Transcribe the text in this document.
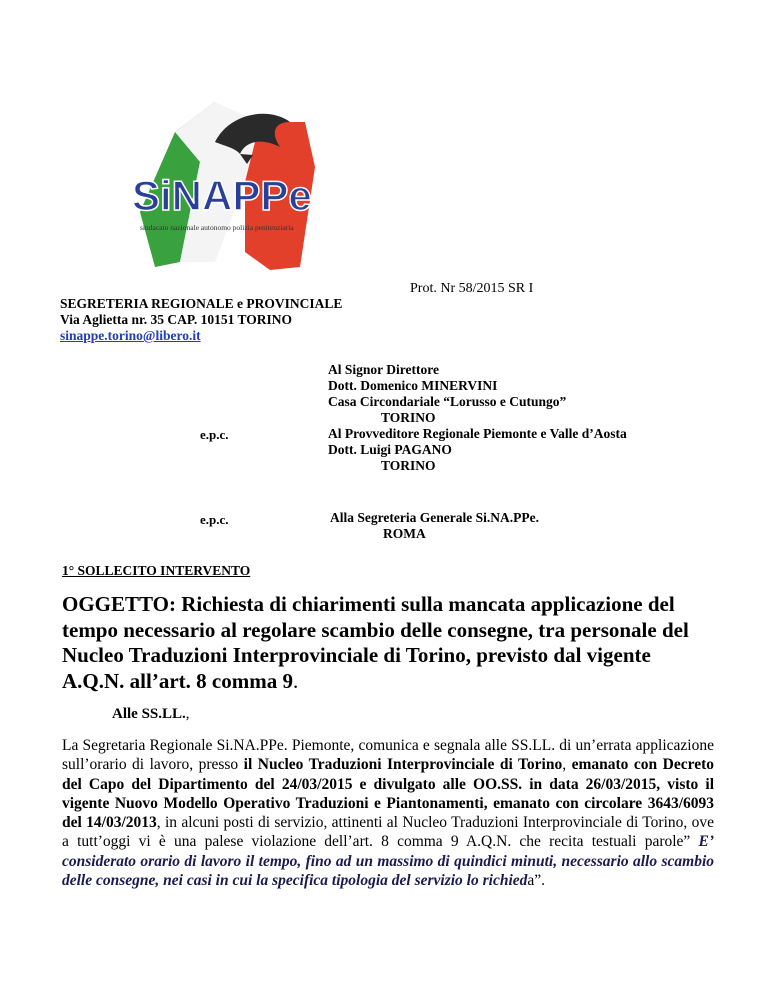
SiNAPPe
sindacato nazionale autonomo polizia penitenziaria
Prot. Nr 58/2015 SR I
SEGRETERIA REGIONALE e PROVINCIALE
Via Aglietta nr. 35 CAP. 10151 TORINO
sinappe.torino@libero.it
Al Signor Direttore
Dott. Domenico MINERVINI
Casa Circondariale “Lorusso e Cutungo”
TORINO
e.p.c.	Al Provveditore Regionale Piemonte e Valle d’Aosta
Dott. Luigi PAGANO
TORINO
e.p.c.	Alla Segreteria Generale Si.NA.PPe.
ROMA
1° SOLLECITO INTERVENTO
OGGETTO: Richiesta di chiarimenti sulla mancata applicazione del tempo necessario al regolare scambio delle consegne, tra personale del Nucleo Traduzioni Interprovinciale di Torino, previsto dal vigente A.Q.N. all’art. 8 comma 9.
Alle SS.LL.,
La Segretaria Regionale Si.NA.PPe. Piemonte, comunica e segnala alle SS.LL. di un’errata applicazione sull’orario di lavoro, presso il Nucleo Traduzioni Interprovinciale di Torino, emanato con Decreto del Capo del Dipartimento del 24/03/2015 e divulgato alle OO.SS. in data 26/03/2015, visto il vigente Nuovo Modello Operativo Traduzioni e Piantonamenti, emanato con circolare 3643/6093 del 14/03/2013, in alcuni posti di servizio, attinenti al Nucleo Traduzioni Interprovinciale di Torino, ove a tutt’oggi vi è una palese violazione dell’art. 8 comma 9 A.Q.N. che recita testuali parole” E’ considerato orario di lavoro il tempo, fino ad un massimo di quindici minuti, necessario allo scambio delle consegne, nei casi in cui la specifica tipologia del servizio lo richieda”.
